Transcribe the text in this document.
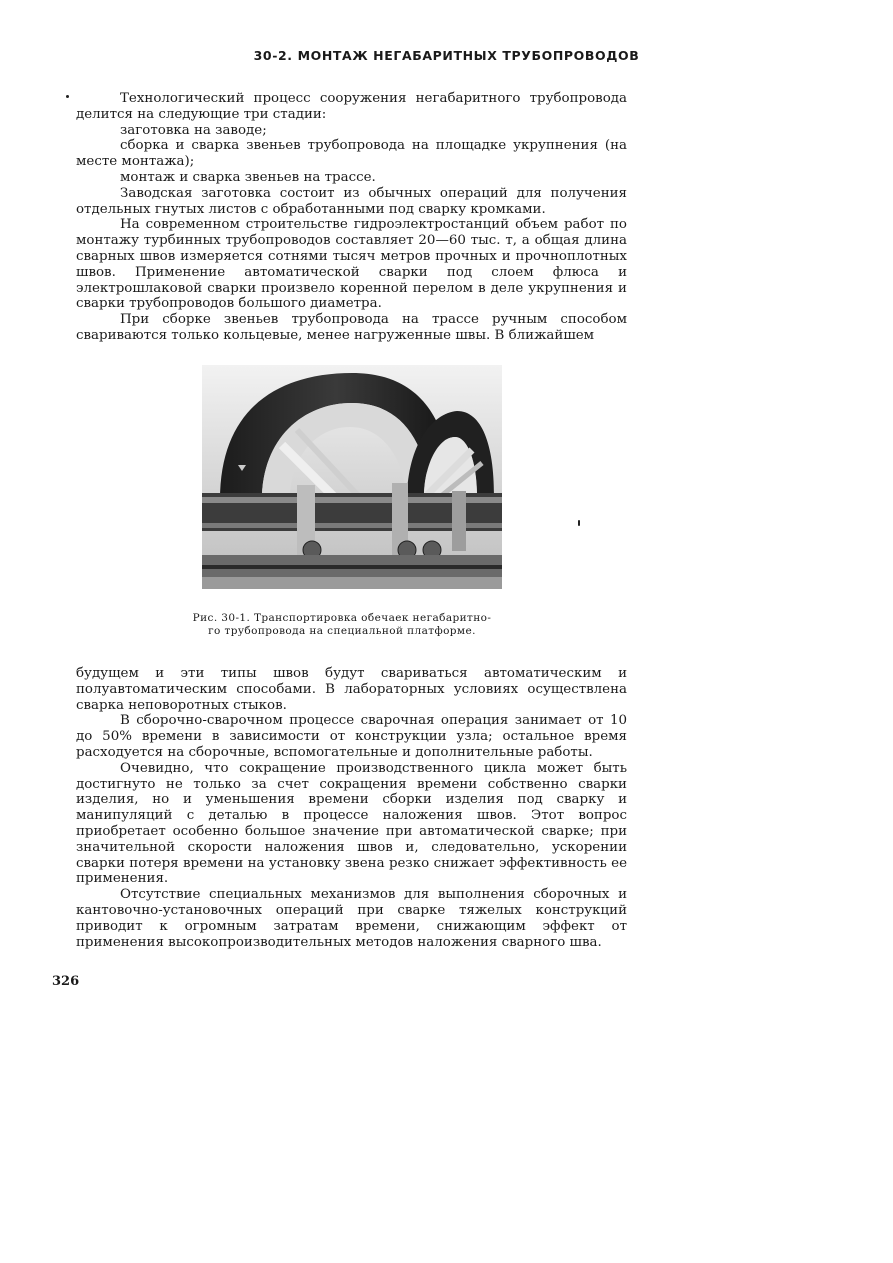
30-2. МОНТАЖ НЕГАБАРИТНЫХ ТРУБОПРОВОДОВ

Технологический процесс сооружения негабаритного трубопровода делится на следующие три стадии:

заготовка на заводе;

сборка и сварка звеньев трубопровода на площадке укрупнения (на месте монтажа);

монтаж и сварка звеньев на трассе.

Заводская заготовка состоит из обычных операций для получения отдельных гнутых листов с обработанными под сварку кромками.

На современном строительстве гидроэлектростанций объем работ по монтажу турбинных трубопроводов составляет 20—60 тыс. т, а общая длина сварных швов измеряется сотнями тысяч метров прочных и прочноплотных швов. Применение автоматической сварки под слоем флюса и электрошлаковой сварки произвело коренной перелом в деле укрупнения и сварки трубопроводов большого диаметра.

При сборке звеньев трубопровода на трассе ручным способом свариваются только кольцевые, менее нагруженные швы. В ближайшем

Рис. 30-1. Транспортировка обечаек негабаритно-
го трубопровода на специальной платформе.

будущем и эти типы швов будут свариваться автоматическим и полуавтоматическим способами. В лабораторных условиях осуществлена сварка неповоротных стыков.

В сборочно-сварочном процессе сварочная операция занимает от 10 до 50% времени в зависимости от конструкции узла; остальное время расходуется на сборочные, вспомогательные и дополнительные работы.

Очевидно, что сокращение производственного цикла может быть достигнуто не только за счет сокращения времени собственно сварки изделия, но и уменьшения времени сборки изделия под сварку и манипуляций с деталью в процессе наложения швов. Этот вопрос приобретает особенно большое значение при автоматической сварке; при значительной скорости наложения швов и, следовательно, ускорении сварки потеря времени на установку звена резко снижает эффективность ее применения.

Отсутствие специальных механизмов для выполнения сборочных и кантовочно-установочных операций при сварке тяжелых конструкций приводит к огромным затратам времени, снижающим эффект от применения высокопроизводительных методов наложения сварного шва.

326
